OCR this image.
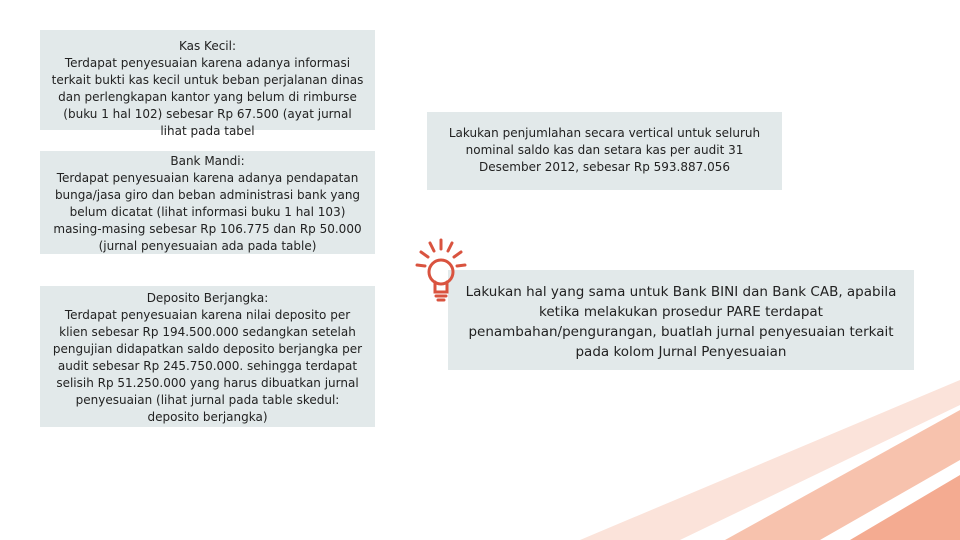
Kas Kecil:

Terdapat penyesuaian karena adanya informasi terkait bukti kas kecil untuk beban perjalanan dinas dan perlengkapan kantor yang belum di rimburse (buku 1 hal 102) sebesar Rp 67.500 (ayat jurnal lihat pada tabel

Bank Mandi:

Terdapat penyesuaian karena adanya pendapatan bunga/jasa giro dan beban administrasi bank yang belum dicatat (lihat informasi buku 1 hal 103) masing-masing sebesar Rp 106.775 dan Rp 50.000 (jurnal penyesuaian ada pada table)

Deposito Berjangka:

Terdapat penyesuaian karena nilai deposito per klien sebesar Rp 194.500.000 sedangkan setelah pengujian didapatkan saldo deposito berjangka per audit sebesar Rp 245.750.000. sehingga terdapat selisih Rp 51.250.000 yang harus dibuatkan jurnal penyesuaian (lihat jurnal pada table skedul: deposito berjangka)

Lakukan penjumlahan secara vertical untuk seluruh nominal saldo kas dan setara kas per audit 31 Desember 2012, sebesar Rp 593.887.056

Lakukan hal yang sama untuk Bank BINI dan Bank CAB, apabila ketika melakukan prosedur PARE terdapat penambahan/pengurangan, buatlah jurnal penyesuaian terkait pada kolom Jurnal Penyesuaian
